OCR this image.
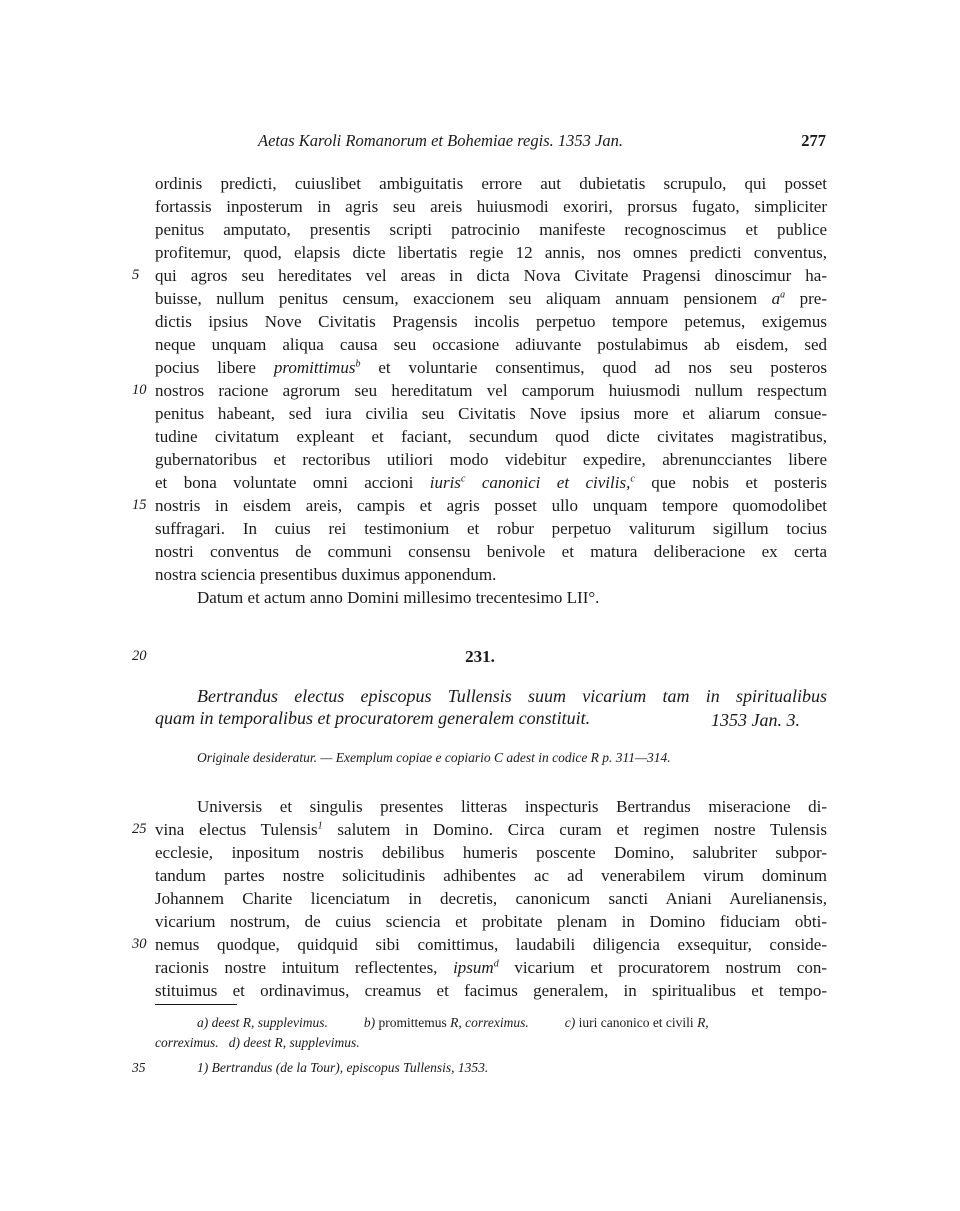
Aetas Karoli Romanorum et Bohemiae regis. 1353 Jan.	277
ordinis predicti, cuiuslibet ambiguitatis errore aut dubietatis scrupulo, qui posset
fortassis inposterum in agris seu areis huiusmodi exoriri, prorsus fugato, simpliciter
penitus amputato, presentis scripti patrocinio manifeste recognoscimus et publice
profitemur, quod, elapsis dicte libertatis regie 12 annis, nos omnes predicti conventus,
5 qui agros seu hereditates vel areas in dicta Nova Civitate Pragensi dinoscimur ha-
buisse, nullum penitus censum, exaccionem seu aliquam annuam pensionem $a^a$ pre-
dictis ipsius Nove Civitatis Pragensis incolis perpetuo tempore petemus, exigemus
neque unquam aliqua causa seu occasione adiuvante postulabimus ab eisdem, sed
pocius libere promittimus$^b$ et voluntarie consentimus, quod ad nos seu posteros
10 nostros racione agrorum seu hereditatum vel camporum huiusmodi nullum respectum
penitus habeant, sed iura civilia seu Civitatis Nove ipsius more et aliarum consue-
tudine civitatum expleant et faciant, secundum quod dicte civitates magistratibus,
gubernatoribus et rectoribus utiliori modo videbitur expedire, abrenuncciantes libere
et bona voluntate omni accioni iuris$^c$ canonici et civilis,$^c$ que nobis et posteris
15 nostris in eisdem areis, campis et agris posset ullo unquam tempore quomodolibet
suffragari. In cuius rei testimonium et robur perpetuo valiturum sigillum tocius
nostri conventus de communi consensu benivole et matura deliberacione ex certa
nostra sciencia presentibus duximus apponendum.
Datum et actum anno Domini millesimo trecentesimo LII°.
20	231.
Bertrandus electus episcopus Tullensis suum vicarium tam in spiritualibus
quam in temporalibus et procuratorem generalem constituit.	1353 Jan. 3.
Originale desideratur. — Exemplum copiae e copiario C adest in codice R p. 311—314.
Universis et singulis presentes litteras inspecturis Bertrandus miseracione di-
25 vina electus Tulensis$^1$ salutem in Domino. Circa curam et regimen nostre Tulensis
ecclesie, inpositum nostris debilibus humeris poscente Domino, salubriter subpor-
tandum partes nostre solicitudinis adhibentes ac ad venerabilem virum dominum
Johannem Charite licenciatum in decretis, canonicum sancti Aniani Aurelianensis,
vicarium nostrum, de cuius sciencia et probitate plenam in Domino fiduciam obti-
30 nemus quodque, quidquid sibi comittimus, laudabili diligencia exsequitur, conside-
racionis nostre intuitum reflectentes, ipsum$^d$ vicarium et procuratorem nostrum con-
stituimus et ordinavimus, creamus et facimus generalem, in spiritualibus et tempo-
a) deest R, supplevimus.	b) promittemus R, correximus.	c) iuri canonico et civili R,
correximus. d) deest R, supplevimus.
35	1) Bertrandus (de la Tour), episcopus Tullensis, 1353.
